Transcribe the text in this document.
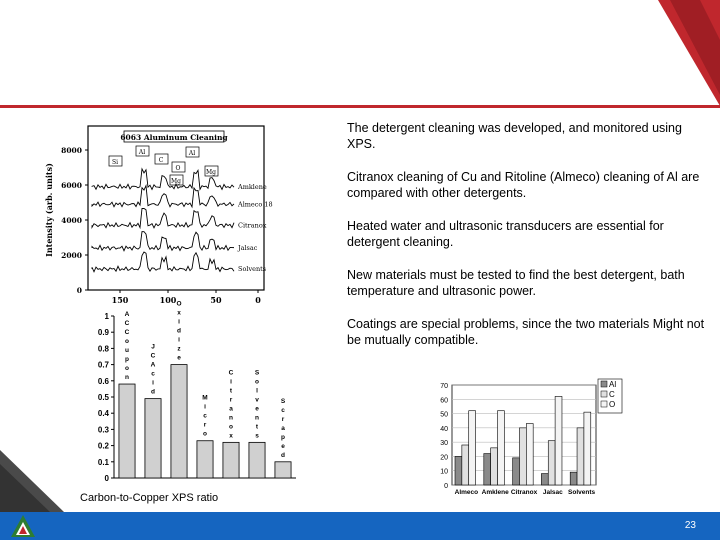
The detergent cleaning was developed, and monitored using XPS.

Citranox cleaning of Cu and Ritoline (Almeco) cleaning of Al are compared with other detergents.

Heated water and ultrasonic transducers are essential for detergent cleaning.

New materials must be tested to find the best detergent, bath temperature and ultrasonic power.

Coatings are special problems, since the two materials Might not be mutually compatible.

6063 Aluminum Cleaning
0
2000
4000
6000
8000
Intensity (arb. units)
150	100	50	0
Si
Al
C
O
Al
Mg
Mg
Amklene
Almeco 18
Citranox
Jalsac
Solvents
0
0.1
0.2
0.3
0.4
0.5
0.6
0.7
0.8
0.9
1 A
C
C
o
u
p
o
n
J
C
A
c
i
d
O
x
i
d
i
z
e
M
i
c
r
o
C
i
t
r
a
n
o
x
S
o
l
v
e
n
t
s
S
c
r
a
p
e
d
Carbon-to-Copper XPS ratio
0
10
20
30
40
50
60
70
Almeco Amklene Citranox Jalsac Solvents
Al
C
O
23
